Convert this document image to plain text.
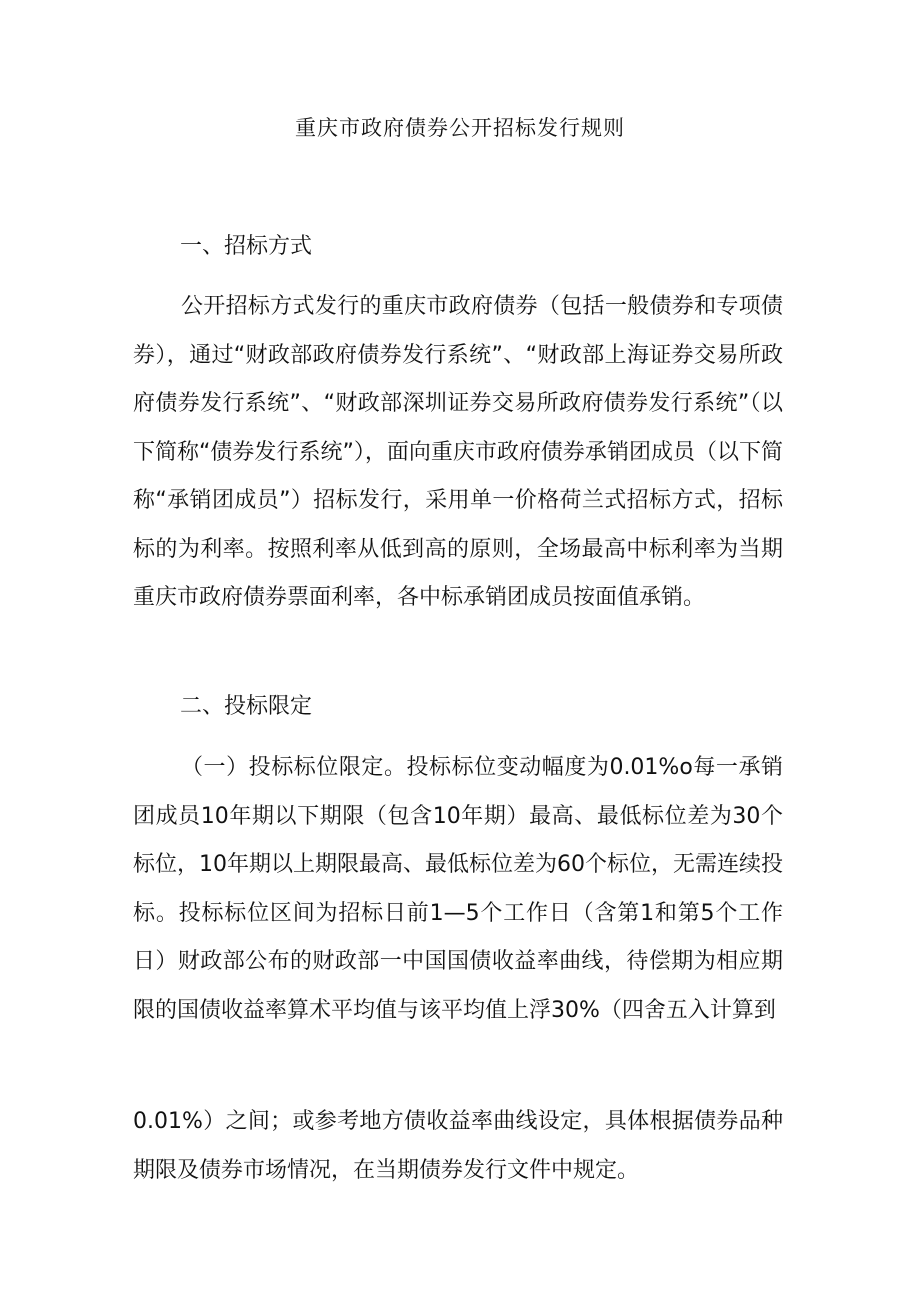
重庆市政府债券公开招标发行规则
一、招标方式

公开招标方式发行的重庆市政府债券（包括一般债券和专项债券），通过“财政部政府债券发行系统”、“财政部上海证券交易所政府债券发行系统”、“财政部深圳证券交易所政府债券发行系统”（以下简称“债券发行系统”），面向重庆市政府债券承销团成员（以下简称“承销团成员”）招标发行，采用单一价格荷兰式招标方式，招标标的为利率。按照利率从低到高的原则，全场最高中标利率为当期重庆市政府债券票面利率，各中标承销团成员按面值承销。

二、投标限定

（一）投标标位限定。投标标位变动幅度为0.01%o每一承销团成员10年期以下期限（包含10年期）最高、最低标位差为30个标位，10年期以上期限最高、最低标位差为60个标位，无需连续投标。投标标位区间为招标日前1—5个工作日（含第1和第5个工作日）财政部公布的财政部一中国国债收益率曲线，待偿期为相应期限的国债收益率算术平均值与该平均值上浮30%（四舍五入计算到

0.01%）之间；或参考地方债收益率曲线设定，具体根据债券品种期限及债券市场情况，在当期债券发行文件中规定。
